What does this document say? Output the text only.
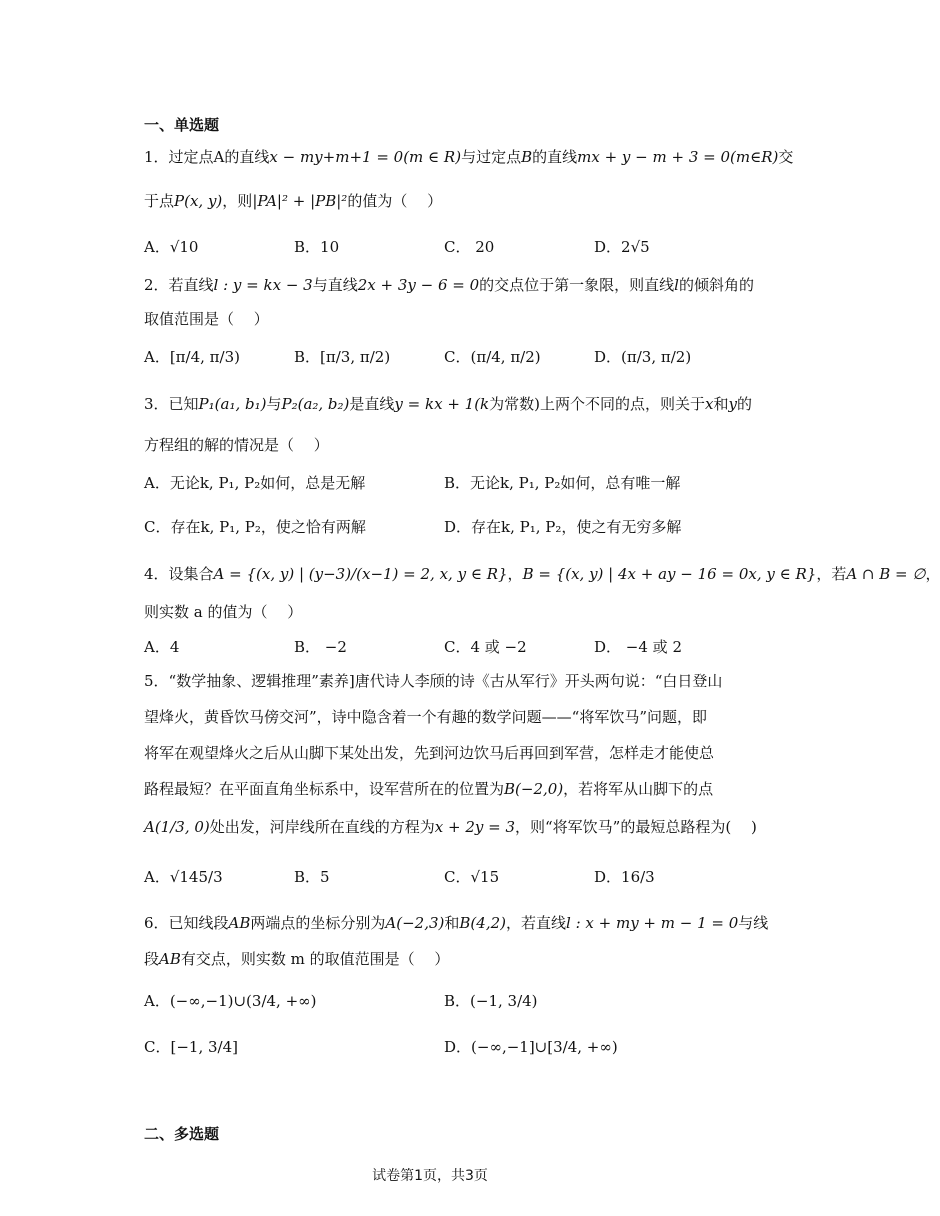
一、单选题
1．过定点A的直线x − my+m+1 = 0(m ∈ R)与过定点B的直线mx + y − m + 3 = 0(m∈R)交
于点P(x, y)，则|PA|² + |PB|²的值为（　 ）
A．√10	B．10	C． 20	D．2√5
2．若直线l : y = kx − 3与直线2x + 3y − 6 = 0的交点位于第一象限，则直线l的倾斜角的
取值范围是（　 ）
A．[π/4, π/3)	B．[π/3, π/2)	C．(π/4, π/2)	D．(π/3, π/2)
3．已知P₁(a₁, b₁)与P₂(a₂, b₂)是直线y = kx + 1(k为常数)上两个不同的点，则关于x和y的
方程组的解的情况是（　 ）
A．无论k, P₁, P₂如何，总是无解	B．无论k, P₁, P₂如何，总有唯一解
C．存在k, P₁, P₂，使之恰有两解	D．存在k, P₁, P₂，使之有无穷多解
4．设集合A = {(x, y) | (y−3)/(x−1) = 2, x, y ∈ R}，B = {(x, y) | 4x + ay − 16 = 0x, y ∈ R}，若A ∩ B = ∅，
则实数 a 的值为（　 ）
A．4	B． −2	C．4 或 −2	D． −4 或 2
5．“数学抽象、逻辑推理”素养]唐代诗人李颀的诗《古从军行》开头两句说：“白日登山
望烽火，黄昏饮马傍交河”，诗中隐含着一个有趣的数学问题——“将军饮马”问题，即
将军在观望烽火之后从山脚下某处出发，先到河边饮马后再回到军营，怎样走才能使总
路程最短？在平面直角坐标系中，设军营所在的位置为B(−2,0)，若将军从山脚下的点
A(1/3, 0)处出发，河岸线所在直线的方程为x + 2y = 3，则“将军饮马”的最短总路程为(　 )
A．√145/3	B．5	C．√15	D．16/3
6．已知线段AB两端点的坐标分别为A(−2,3)和B(4,2)，若直线l : x + my + m − 1 = 0与线
段AB有交点，则实数 m 的取值范围是（　 ）
A．(−∞,−1)∪(3/4, +∞)	B．(−1, 3/4)
C．[−1, 3/4]	D．(−∞,−1]∪[3/4, +∞)
二、多选题
试卷第1页，共3页
